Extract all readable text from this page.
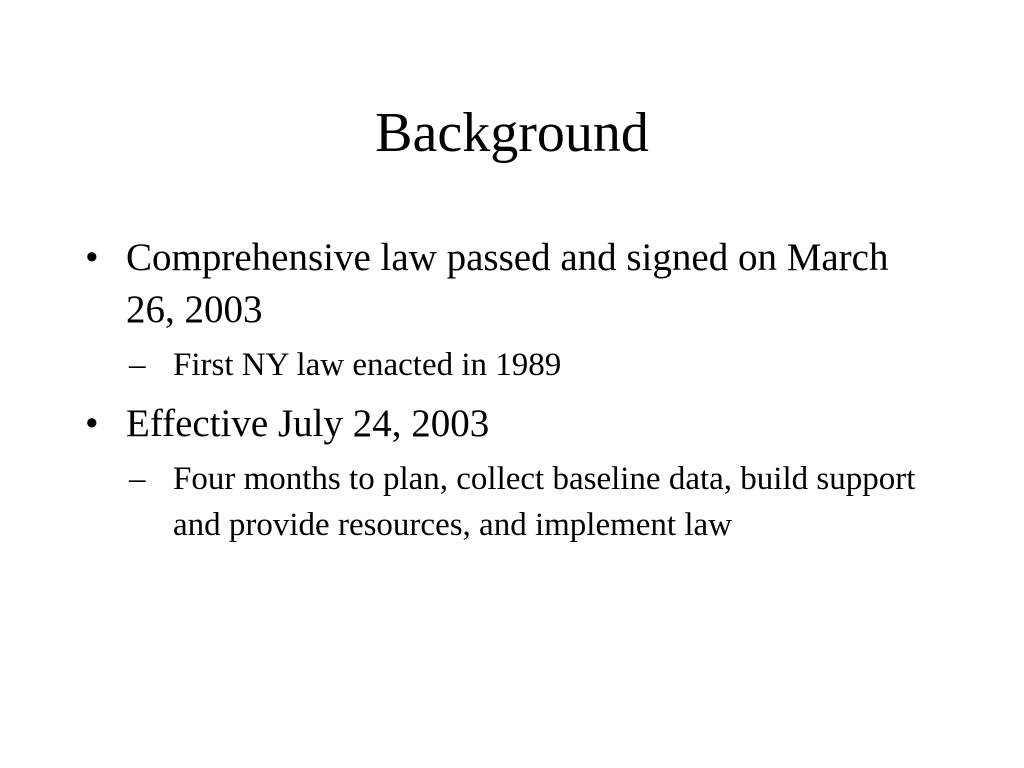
Background
• Comprehensive law passed and signed on March 26, 2003
– First NY law enacted in 1989
• Effective July 24, 2003
– Four months to plan, collect baseline data, build support and provide resources, and implement law
